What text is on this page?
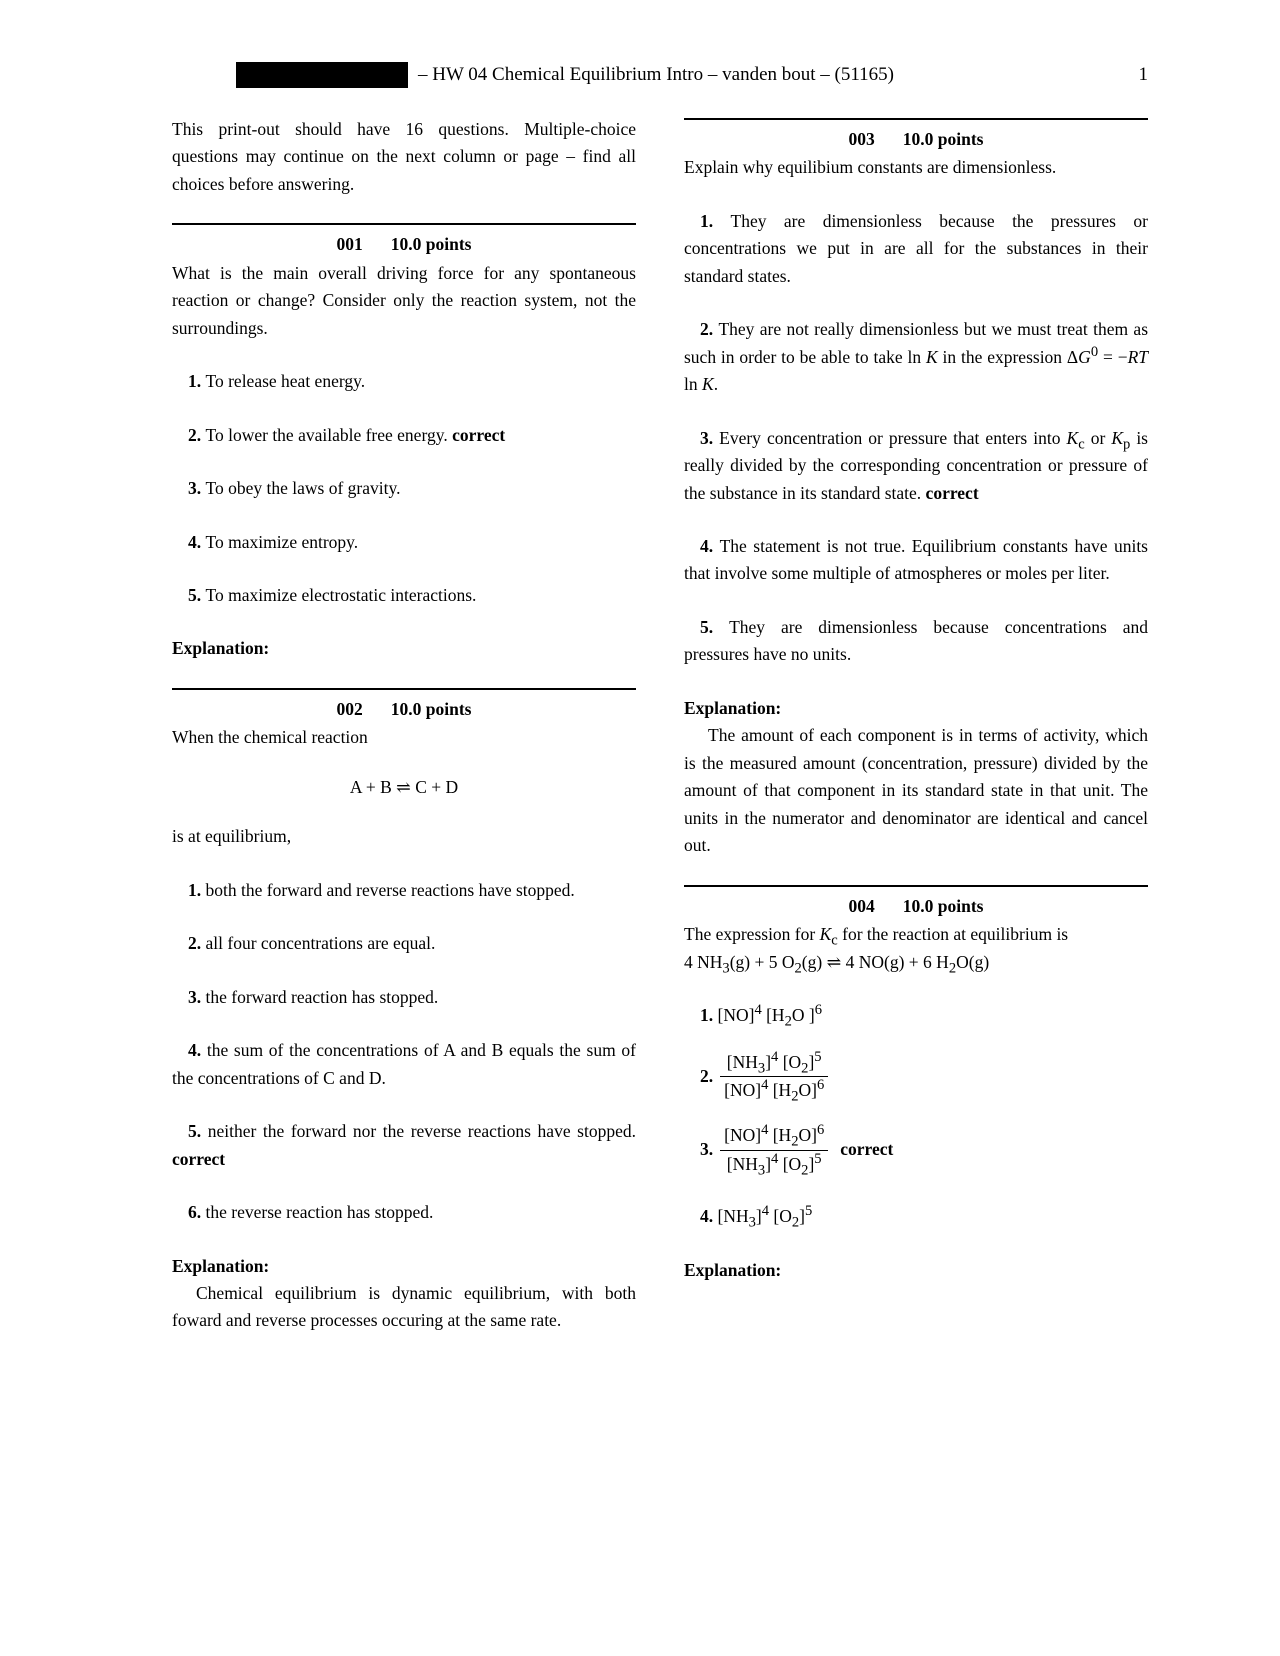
– HW 04 Chemical Equilibrium Intro – vanden bout – (51165)	1
This print-out should have 16 questions. Multiple-choice questions may continue on the next column or page – find all choices before answering.
001 10.0 points
What is the main overall driving force for any spontaneous reaction or change? Consider only the reaction system, not the surroundings.
1. To release heat energy.
2. To lower the available free energy. correct
3. To obey the laws of gravity.
4. To maximize entropy.
5. To maximize electrostatic interactions.
Explanation:
002 10.0 points
When the chemical reaction
A + B ⇌ C + D
is at equilibrium,
1. both the forward and reverse reactions have stopped.
2. all four concentrations are equal.
3. the forward reaction has stopped.
4. the sum of the concentrations of A and B equals the sum of the concentrations of C and D.
5. neither the forward nor the reverse reactions have stopped. correct
6. the reverse reaction has stopped.
Explanation:
Chemical equilibrium is dynamic equilibrium, with both foward and reverse processes occuring at the same rate.
003 10.0 points
Explain why equilibium constants are dimensionless.
1. They are dimensionless because the pressures or concentrations we put in are all for the substances in their standard states.
2. They are not really dimensionless but we must treat them as such in order to be able to take ln K in the expression $\Delta G^0 = -RT$ ln K.
3. Every concentration or pressure that enters into $K_c$ or $K_p$ is really divided by the corresponding concentration or pressure of the substance in its standard state. correct
4. The statement is not true. Equilibrium constants have units that involve some multiple of atmospheres or moles per liter.
5. They are dimensionless because concentrations and pressures have no units.
Explanation:
The amount of each component is in terms of activity, which is the measured amount (concentration, pressure) divided by the amount of that component in its standard state in that unit. The units in the numerator and denominator are identical and cancel out.
004 10.0 points
The expression for $K_c$ for the reaction at equilibrium is
4 $NH_3(g) + 5$ $O_2(g)$ ⇌ 4 NO(g) + 6 $H_2O(g)$
1. [NO]$^4$ [$H_2O$ ]$^6$
2. $\frac{[NH_3]^4 [O_2]^5}{[NO]^4 [H_2O]^6}$
3. $\frac{[NO]^4 [H_2O]^6}{[NH_3]^4 [O_2]^5}$ correct
4. $[NH_3]^4$ $[O_2]^5$
Explanation:
